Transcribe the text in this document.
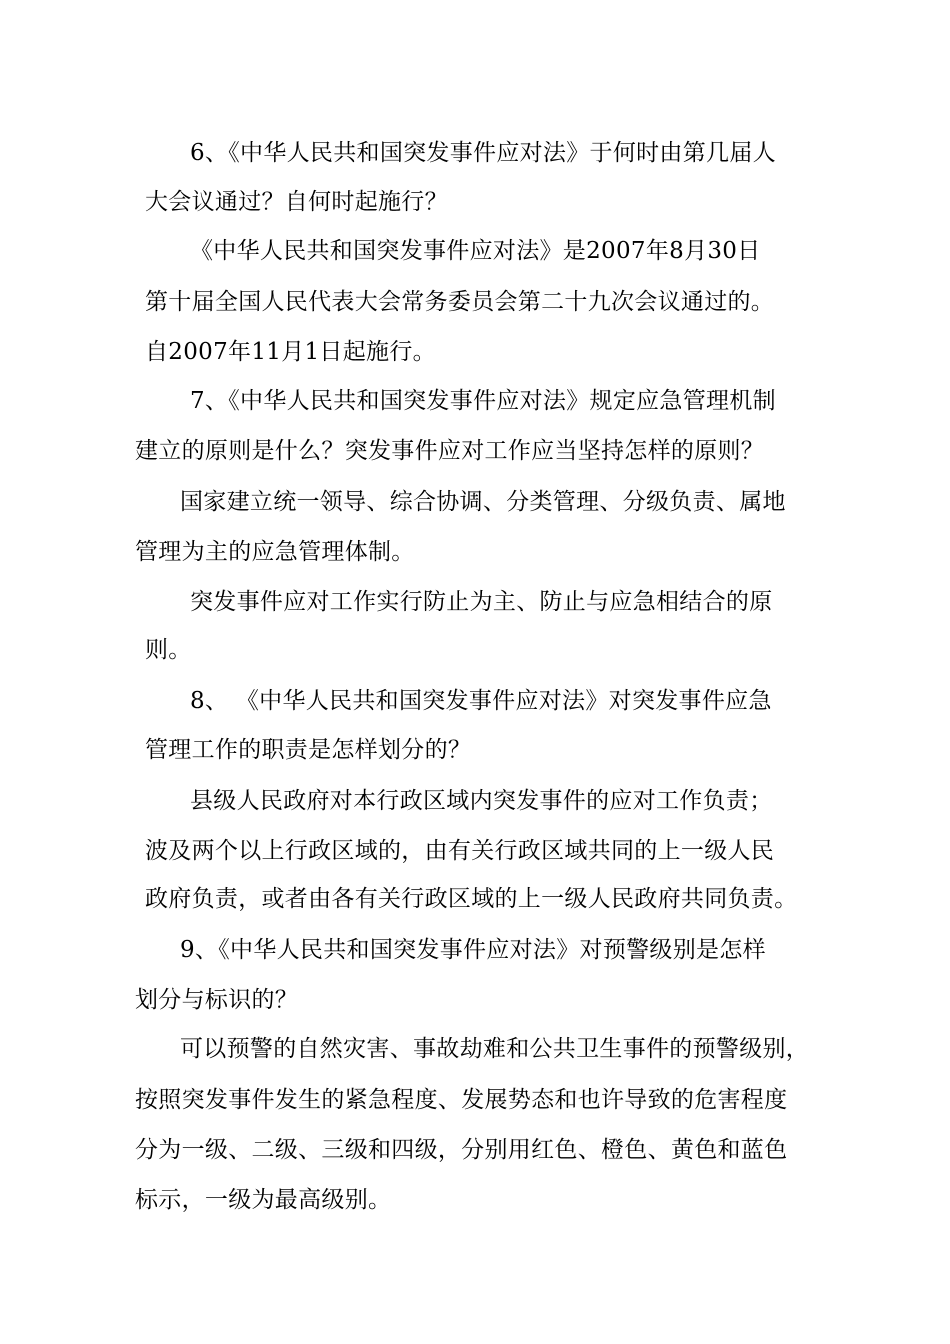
6、《中华人民共和国突发事件应对法》于何时由第几届人
大会议通过？自何时起施行？
《中华人民共和国突发事件应对法》是2007年8月30日
第十届全国人民代表大会常务委员会第二十九次会议通过的。
自2007年11月1日起施行。
7、《中华人民共和国突发事件应对法》规定应急管理机制
建立的原则是什么？突发事件应对工作应当坚持怎样的原则？
国家建立统一领导、综合协调、分类管理、分级负责、属地
管理为主的应急管理体制。
突发事件应对工作实行防止为主、防止与应急相结合的原
则。
8、 《中华人民共和国突发事件应对法》对突发事件应急
管理工作的职责是怎样划分的？
县级人民政府对本行政区域内突发事件的应对工作负责；
波及两个以上行政区域的，由有关行政区域共同的上一级人民
政府负责，或者由各有关行政区域的上一级人民政府共同负责。
9、《中华人民共和国突发事件应对法》对预警级别是怎样
划分与标识的？
可以预警的自然灾害、事故劫难和公共卫生事件的预警级别，
按照突发事件发生的紧急程度、发展势态和也许导致的危害程度
分为一级、二级、三级和四级，分别用红色、橙色、黄色和蓝色
标示，一级为最高级别。
